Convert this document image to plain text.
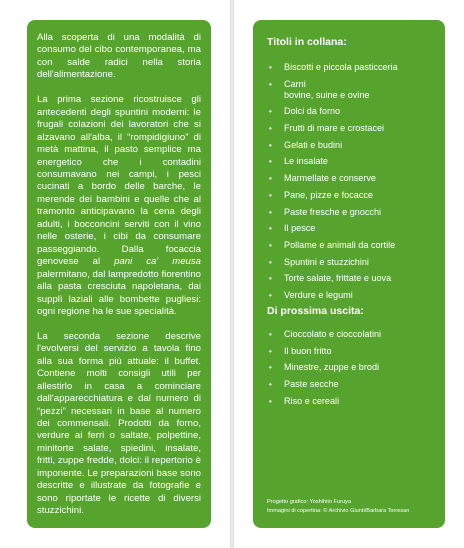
Alla scoperta di una modalità di consumo del cibo contemporanea, ma con salde radici nella storia dell'alimentazione.

La prima sezione ricostruisce gli antecedenti degli spuntini moderni: le frugali colazioni dei lavoratori che si alzavano all'alba, il “rompidigiuno” di metà mattina, il pasto semplice ma energetico che i contadini consumavano nei campi, i pesci cucinati a bordo delle barche, le merende dei bambini e quelle che al tramonto anticipavano la cena degli adulti, i bocconcini serviti con il vino nelle osterie, i cibi da consumare passeggiando. Dalla focaccia genovese al pani ca' meusa palermitano, dal lampredotto fiorentino alla pasta cresciuta napoletana, dai supplì laziali alle bombette pugliesi: ogni regione ha le sue specialità.

La seconda sezione descrive l'evolversi del servizio a tavola fino alla sua forma più attuale: il buffet. Contiene molti consigli utili per allestirlo in casa a cominciare dall'apparecchiatura e dal numero di “pezzi” necessari in base al numero dei commensali. Prodotti da forno, verdure ai ferri o saltate, polpettine, minitorte salate, spiedini, insalate, fritti, zuppe fredde, dolci: il repertorio è imponente. Le preparazioni base sono descritte e illustrate da fotografie e sono riportate le ricette di diversi stuzzichini.

Titoli in collana:
• Biscotti e piccola pasticceria
• Carni
bovine, suine e ovine
• Dolci da forno
• Frutti di mare e crostacei
• Gelati e budini
• Le insalate
• Marmellate e conserve
• Pane, pizze e focacce
• Paste fresche e gnocchi
• Il pesce
• Pollame e animali da cortile
• Spuntini e stuzzichini
• Torte salate, frittate e uova
• Verdure e legumi
Di prossima uscita:
• Cioccolato e cioccolatini
• Il buon fritto
• Minestre, zuppe e brodi
• Paste secche
• Riso e cereali
Progetto grafico: Yoshihito Furuya
Immagini di copertina: © Archivio Giunti/Barbara Torresan
